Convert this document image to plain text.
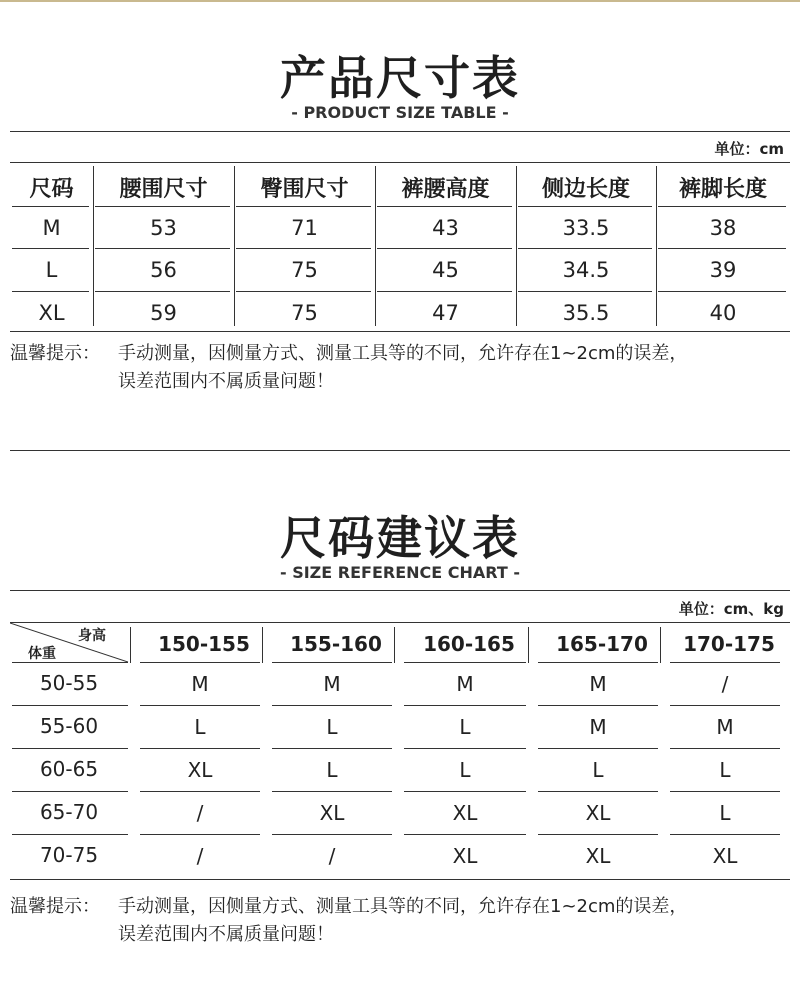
产品尺寸表
- PRODUCT SIZE TABLE -
单位：cm
尺码	腰围尺寸	臀围尺寸	裤腰高度	侧边长度	裤脚长度
M	53	71	43	33.5	38
L	56	75	45	34.5	39
XL	59	75	47	35.5	40
温馨提示： 手动测量，因侧量方式、测量工具等的不同，允许存在1~2cm的误差，
误差范围内不属质量问题！
尺码建议表
- SIZE REFERENCE CHART -
单位：cm、kg
身高
体重	150-155	155-160	160-165	165-170	170-175
50-55	M	M	M	M	/
55-60	L	L	L	M	M
60-65	XL	L	L	L	L
65-70	/	XL	XL	XL	L
70-75	/	/	XL	XL	XL
温馨提示： 手动测量，因侧量方式、测量工具等的不同，允许存在1~2cm的误差，
误差范围内不属质量问题！
